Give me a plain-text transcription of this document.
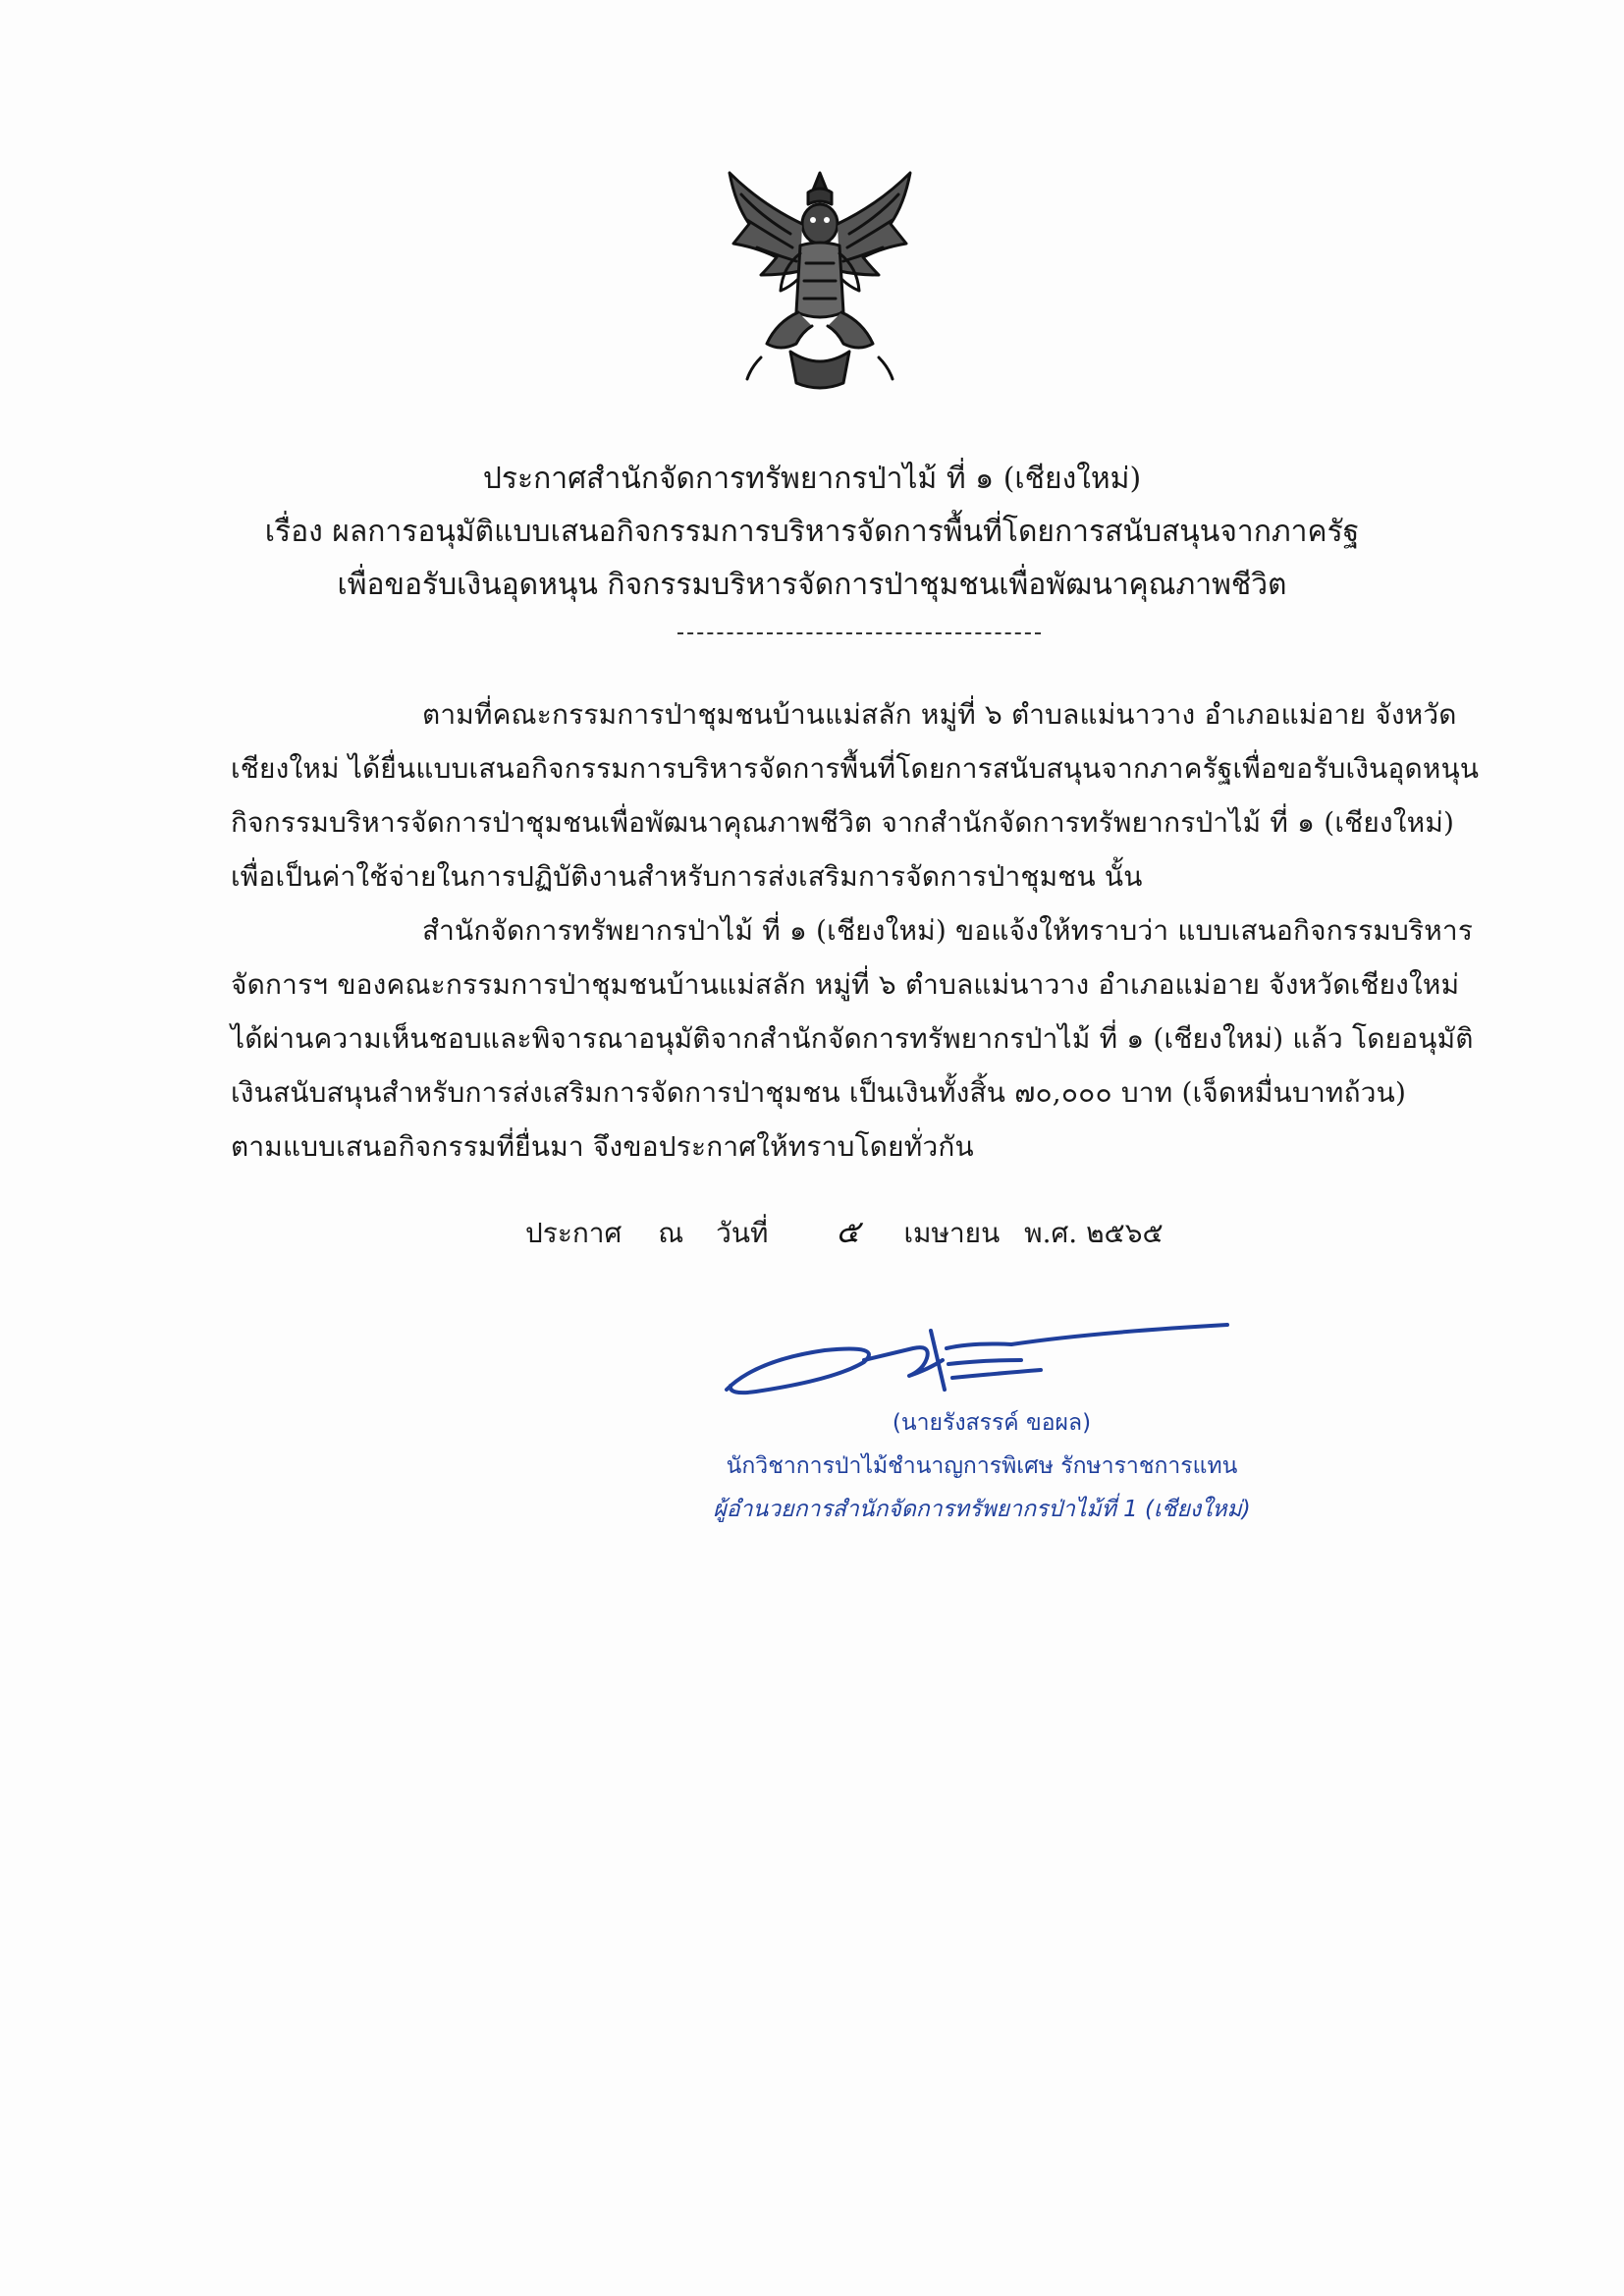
ประกาศสำนักจัดการทรัพยากรป่าไม้ ที่ ๑ (เชียงใหม่)
เรื่อง ผลการอนุมัติแบบเสนอกิจกรรมการบริหารจัดการพื้นที่โดยการสนับสนุนจากภาครัฐ
เพื่อขอรับเงินอุดหนุน กิจกรรมบริหารจัดการป่าชุมชนเพื่อพัฒนาคุณภาพชีวิต
ตามที่คณะกรรมการป่าชุมชนบ้านแม่สลัก หมู่ที่ ๖ ตำบลแม่นาวาง อำเภอแม่อาย จังหวัด
เชียงใหม่ ได้ยื่นแบบเสนอกิจกรรมการบริหารจัดการพื้นที่โดยการสนับสนุนจากภาครัฐเพื่อขอรับเงินอุดหนุน
กิจกรรมบริหารจัดการป่าชุมชนเพื่อพัฒนาคุณภาพชีวิต จากสำนักจัดการทรัพยากรป่าไม้ ที่ ๑ (เชียงใหม่)
เพื่อเป็นค่าใช้จ่ายในการปฏิบัติงานสำหรับการส่งเสริมการจัดการป่าชุมชน นั้น
สำนักจัดการทรัพยากรป่าไม้ ที่ ๑ (เชียงใหม่) ขอแจ้งให้ทราบว่า แบบเสนอกิจกรรมบริหาร
จัดการฯ ของคณะกรรมการป่าชุมชนบ้านแม่สลัก หมู่ที่ ๖ ตำบลแม่นาวาง อำเภอแม่อาย จังหวัดเชียงใหม่
ได้ผ่านความเห็นชอบและพิจารณาอนุมัติจากสำนักจัดการทรัพยากรป่าไม้ ที่ ๑ (เชียงใหม่) แล้ว โดยอนุมัติ
เงินสนับสนุนสำหรับการส่งเสริมการจัดการป่าชุมชน เป็นเงินทั้งสิ้น ๗๐,๐๐๐ บาท (เจ็ดหมื่นบาทถ้วน)
ตามแบบเสนอกิจกรรมที่ยื่นมา จึงขอประกาศให้ทราบโดยทั่วกัน
ประกาศ ณ วันที่ ๕ เมษายน พ.ศ. ๒๕๖๕
(นายรังสรรค์ ขอผล)
นักวิชาการป่าไม้ชำนาญการพิเศษ รักษาราชการแทน
ผู้อำนวยการสำนักจัดการทรัพยากรป่าไม้ที่ 1 (เชียงใหม่)
